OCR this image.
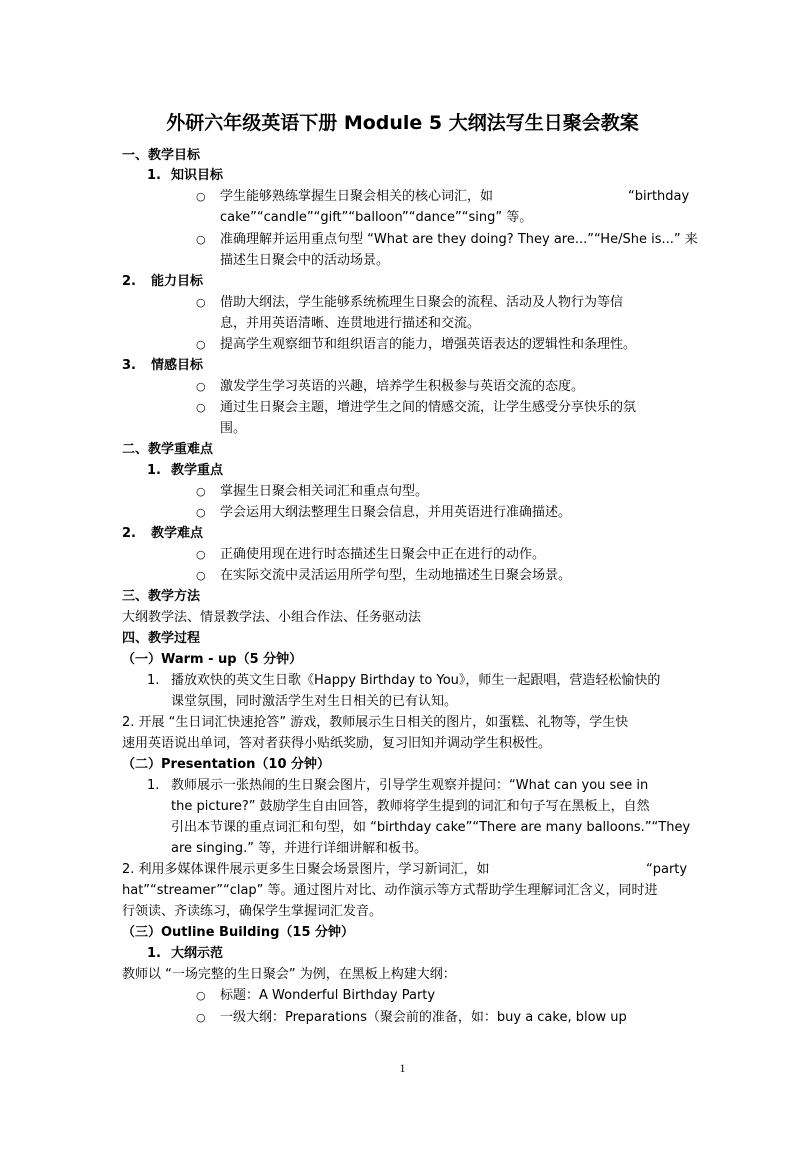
外研六年级英语下册 Module 5 大纲法写生日聚会教案
一、教学目标
1. 知识目标
○ 学生能够熟练掌握生日聚会相关的核心词汇，如	“birthday
cake”“candle”“gift”“balloon”“dance”“sing” 等。
○ 准确理解并运用重点句型 “What are they doing? They are...”“He/She is...” 来
描述生日聚会中的活动场景。
2. 能力目标
○ 借助大纲法，学生能够系统梳理生日聚会的流程、活动及人物行为等信
息，并用英语清晰、连贯地进行描述和交流。
○ 提高学生观察细节和组织语言的能力，增强英语表达的逻辑性和条理性。
3. 情感目标
○ 激发学生学习英语的兴趣，培养学生积极参与英语交流的态度。
○ 通过生日聚会主题，增进学生之间的情感交流，让学生感受分享快乐的氛
围。
二、教学重难点
1. 教学重点
○ 掌握生日聚会相关词汇和重点句型。
○ 学会运用大纲法整理生日聚会信息，并用英语进行准确描述。
2. 教学难点
○ 正确使用现在进行时态描述生日聚会中正在进行的动作。
○ 在实际交流中灵活运用所学句型，生动地描述生日聚会场景。
三、教学方法
大纲教学法、情景教学法、小组合作法、任务驱动法
四、教学过程
（一）Warm - up（5 分钟）
1. 播放欢快的英文生日歌《Happy Birthday to You》，师生一起跟唱，营造轻松愉快的
课堂氛围，同时激活学生对生日相关的已有认知。
2. 开展 “生日词汇快速抢答” 游戏，教师展示生日相关的图片，如蛋糕、礼物等，学生快
速用英语说出单词，答对者获得小贴纸奖励，复习旧知并调动学生积极性。
（二）Presentation（10 分钟）
1. 教师展示一张热闹的生日聚会图片，引导学生观察并提问：“What can you see in
the picture?” 鼓励学生自由回答，教师将学生提到的词汇和句子写在黑板上，自然
引出本节课的重点词汇和句型，如 “birthday cake”“There are many balloons.”“They
are singing.” 等，并进行详细讲解和板书。
2. 利用多媒体课件展示更多生日聚会场景图片，学习新词汇，如	“party
hat”“streamer”“clap” 等。通过图片对比、动作演示等方式帮助学生理解词汇含义，同时进
行领读、齐读练习，确保学生掌握词汇发音。
（三）Outline Building（15 分钟）
1. 大纲示范
教师以 “一场完整的生日聚会” 为例，在黑板上构建大纲：
○ 标题：A Wonderful Birthday Party
○ 一级大纲：Preparations（聚会前的准备，如：buy a cake, blow up
1
